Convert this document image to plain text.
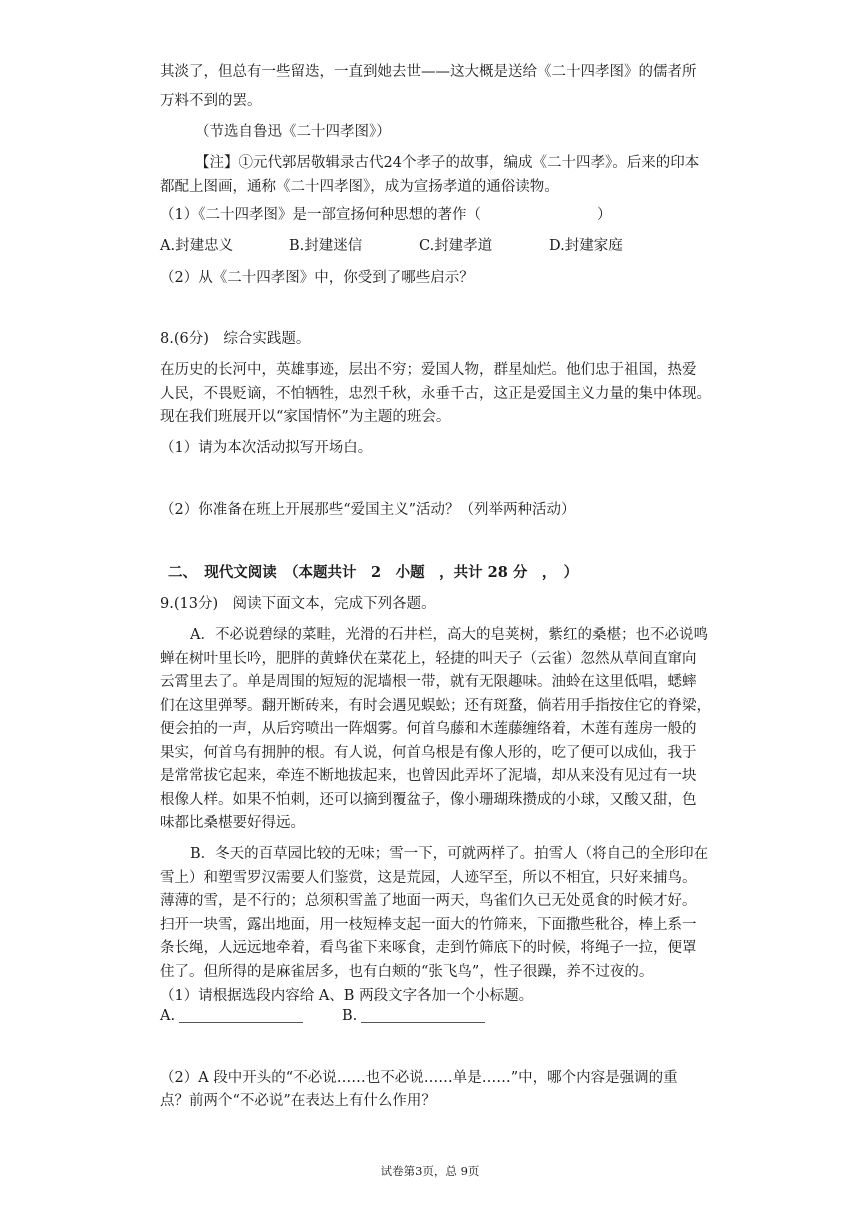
其淡了，但总有一些留迭，一直到她去世——这大概是送给《二十四孝图》的儒者所
万料不到的罢。
（节选自鲁迅《二十四孝图》）
【注】①元代郭居敬辑录古代24个孝子的故事，编成《二十四孝》。后来的印本
都配上图画，通称《二十四孝图》，成为宣扬孝道的通俗读物。
（1）《二十四孝图》是一部宣扬何种思想的著作（	）
A.封建忠义	B.封建迷信	C.封建孝道	D.封建家庭
（2）从《二十四孝图》中，你受到了哪些启示？
8.(6分)　综合实践题。
在历史的长河中，英雄事迹，层出不穷；爱国人物，群星灿烂。他们忠于祖国，热爱
人民，不畏贬谪，不怕牺牲，忠烈千秋，永垂千古，这正是爱国主义力量的集中体现。
现在我们班展开以“家国情怀”为主题的班会。
（1）请为本次活动拟写开场白。
（2）你准备在班上开展那些“爱国主义”活动？（列举两种活动）
二、　现代文阅读　（本题共计　2　小题　，共计 28 分　，　）
9.(13分)　阅读下面文本，完成下列各题。
A．不必说碧绿的菜畦，光滑的石井栏，高大的皂荚树，紫红的桑椹；也不必说鸣
蝉在树叶里长吟，肥胖的黄蜂伏在菜花上，轻捷的叫天子（云雀）忽然从草间直窜向
云霄里去了。单是周围的短短的泥墙根一带，就有无限趣味。油蛉在这里低唱，蟋蟀
们在这里弹琴。翻开断砖来，有时会遇见蜈蚣；还有斑蝥，倘若用手指按住它的脊梁，
便会拍的一声，从后窍喷出一阵烟雾。何首乌藤和木莲藤缠络着，木莲有莲房一般的
果实，何首乌有拥肿的根。有人说，何首乌根是有像人形的，吃了便可以成仙，我于
是常常拔它起来，牵连不断地拔起来，也曾因此弄坏了泥墙，却从来没有见过有一块
根像人样。如果不怕刺，还可以摘到覆盆子，像小珊瑚珠攒成的小球，又酸又甜，色
味都比桑椹要好得远。
B．冬天的百草园比较的无味；雪一下，可就两样了。拍雪人（将自己的全形印在
雪上）和塑雪罗汉需要人们鉴赏，这是荒园，人迹罕至，所以不相宜，只好来捕鸟。
薄薄的雪，是不行的；总须积雪盖了地面一两天，鸟雀们久已无处觅食的时候才好。
扫开一块雪，露出地面，用一枝短棒支起一面大的竹筛来，下面撒些秕谷，棒上系一
条长绳，人远远地牵着，看鸟雀下来啄食，走到竹筛底下的时候，将绳子一拉，便罩
住了。但所得的是麻雀居多，也有白颊的“张飞鸟”，性子很躁，养不过夜的。
（1）请根据选段内容给 A、B 两段文字各加一个小标题。
A.	B.
（2）A 段中开头的“不必说……也不必说……单是……”中，哪个内容是强调的重
点？前两个“不必说”在表达上有什么作用？
试卷第3页，总 9页
